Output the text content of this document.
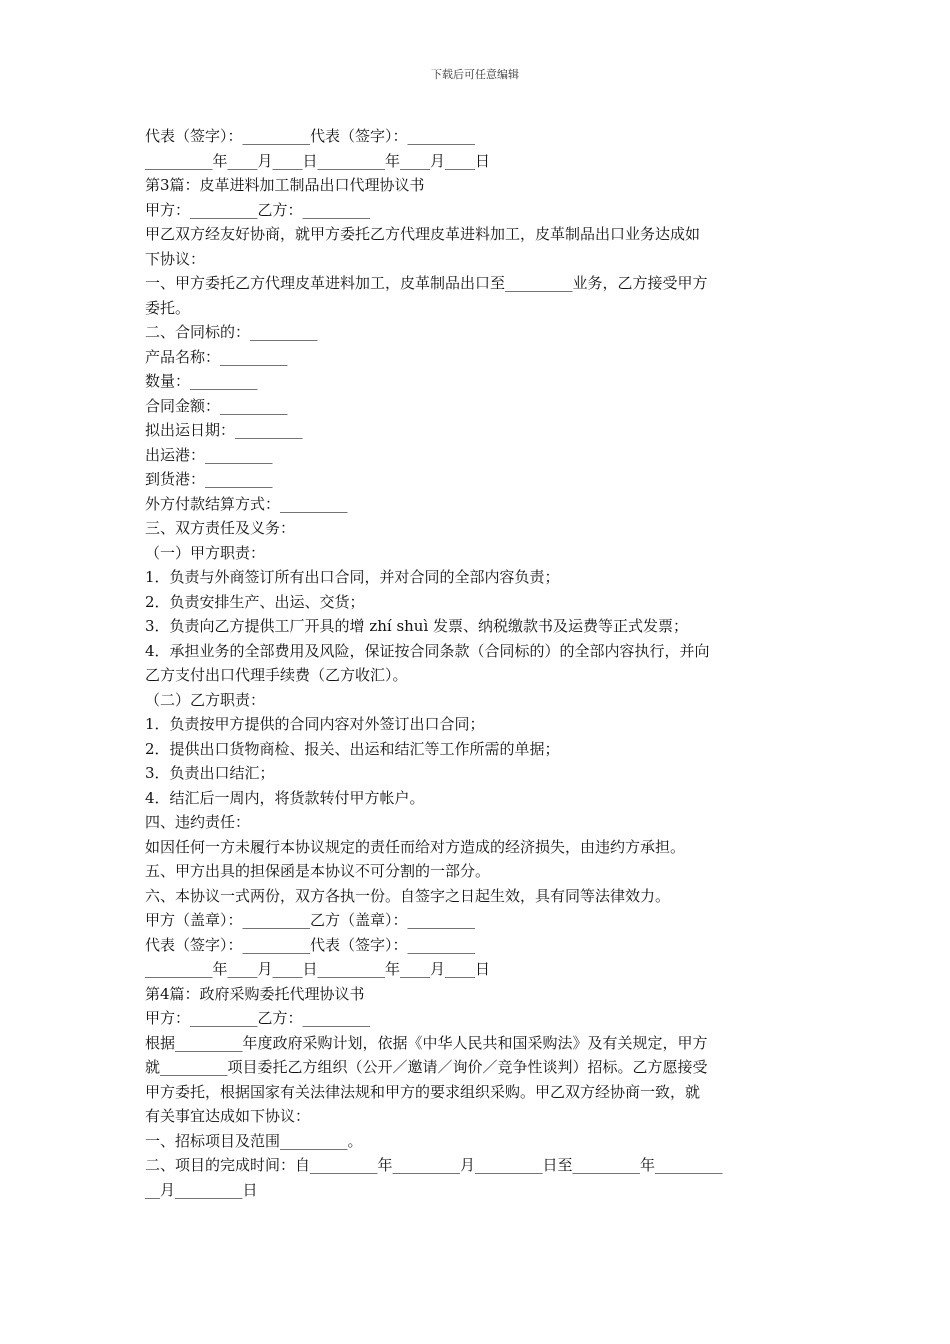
下载后可任意编辑

代表（签字）：_________代表（签字）：_________

_________年____月____日_________年____月____日

第3篇：皮革进料加工制品出口代理协议书

甲方：_________乙方：_________

甲乙双方经友好协商，就甲方委托乙方代理皮革进料加工，皮革制品出口业务达成如

下协议：

一、甲方委托乙方代理皮革进料加工，皮革制品出口至_________业务，乙方接受甲方

委托。

二、合同标的：_________

产品名称：_________

数量：_________

合同金额：_________

拟出运日期：_________

出运港：_________

到货港：_________

外方付款结算方式：_________

三、双方责任及义务：

（一）甲方职责：

1．负责与外商签订所有出口合同，并对合同的全部内容负责；

2．负责安排生产、出运、交货；

3．负责向乙方提供工厂开具的增 zhí shuì 发票、纳税缴款书及运费等正式发票；

4．承担业务的全部费用及风险，保证按合同条款（合同标的）的全部内容执行，并向

乙方支付出口代理手续费（乙方收汇）。

（二）乙方职责：

1．负责按甲方提供的合同内容对外签订出口合同；

2．提供出口货物商检、报关、出运和结汇等工作所需的单据；

3．负责出口结汇；

4．结汇后一周内，将货款转付甲方帐户。

四、违约责任：

如因任何一方未履行本协议规定的责任而给对方造成的经济损失，由违约方承担。

五、甲方出具的担保函是本协议不可分割的一部分。

六、本协议一式两份，双方各执一份。自签字之日起生效，具有同等法律效力。

甲方（盖章）：_________乙方（盖章）：_________

代表（签字）：_________代表（签字）：_________

_________年____月____日_________年____月____日

第4篇：政府采购委托代理协议书

甲方：_________乙方：_________

根据_________年度政府采购计划，依据《中华人民共和国采购法》及有关规定，甲方

就_________项目委托乙方组织（公开／邀请／询价／竞争性谈判）招标。乙方愿接受

甲方委托，根据国家有关法律法规和甲方的要求组织采购。甲乙双方经协商一致，就

有关事宜达成如下协议：

一、招标项目及范围_________。

二、项目的完成时间：自_________年_________月_________日至_________年_________

__月_________日
